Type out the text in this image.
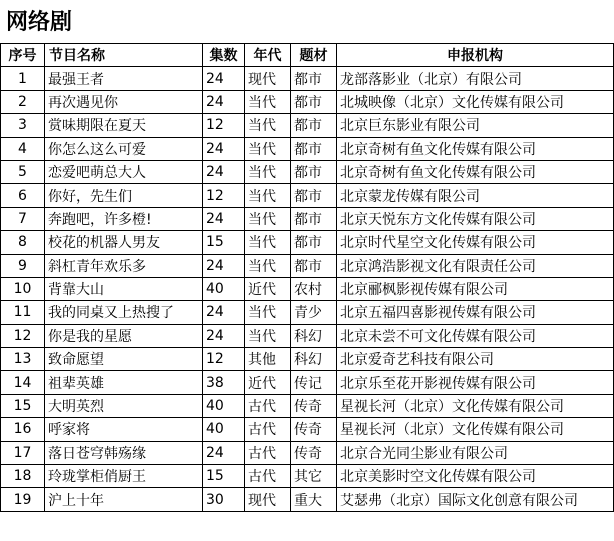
网络剧
序号	节目名称	集数	年代	题材	申报机构
1	最强王者	24	现代	都市	龙部落影业（北京）有限公司
2	再次遇见你	24	当代	都市	北城映像（北京）文化传媒有限公司
3	赏味期限在夏天	12	当代	都市	北京巨东影业有限公司
4	你怎么这么可爱	24	当代	都市	北京奇树有鱼文化传媒有限公司
5	恋爱吧萌总大人	24	当代	都市	北京奇树有鱼文化传媒有限公司
6	你好，先生们	12	当代	都市	北京蒙龙传媒有限公司
7	奔跑吧，许多橙!	24	当代	都市	北京天悦东方文化传媒有限公司
8	校花的机器人男友	15	当代	都市	北京时代星空文化传媒有限公司
9	斜杠青年欢乐多	24	当代	都市	北京鸿浩影视文化有限责任公司
10	背靠大山	40	近代	农村	北京郦枫影视传媒有限公司
11	我的同桌又上热搜了	24	当代	青少	北京五福四喜影视传媒有限公司
12	你是我的星愿	24	当代	科幻	北京未尝不可文化传媒有限公司
13	致命愿望	12	其他	科幻	北京爱奇艺科技有限公司
14	祖辈英雄	38	近代	传记	北京乐至花开影视传媒有限公司
15	大明英烈	40	古代	传奇	星视长河（北京）文化传媒有限公司
16	呼家将	40	古代	传奇	星视长河（北京）文化传媒有限公司
17	落日苍穹韩殇缘	24	古代	传奇	北京合光同尘影业有限公司
18	玲珑掌柜俏厨王	15	古代	其它	北京美影时空文化传媒有限公司
19	沪上十年	30	现代	重大	艾瑟弗（北京）国际文化创意有限公司
